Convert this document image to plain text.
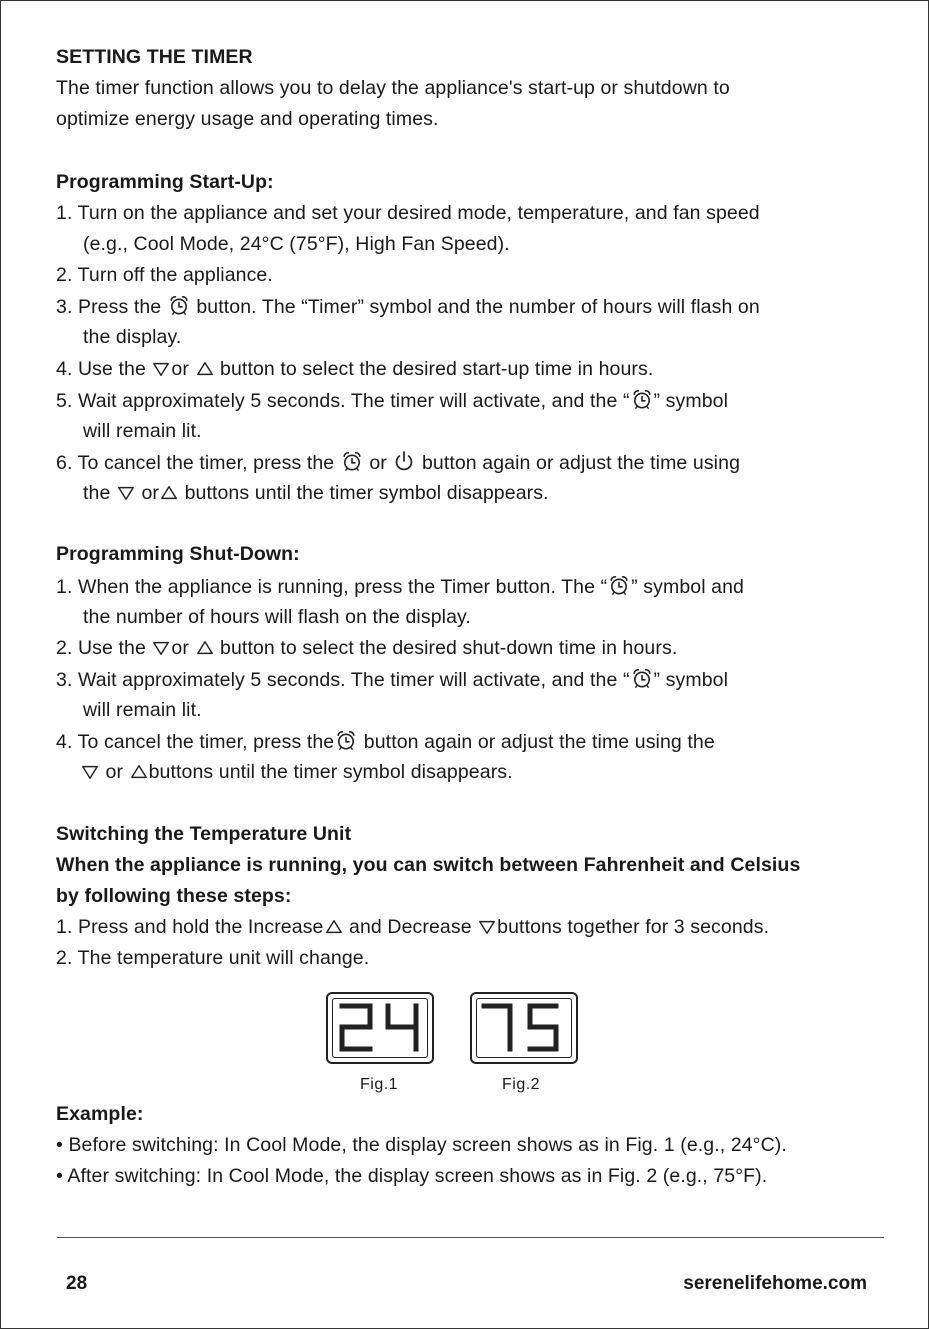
SETTING THE TIMER
The timer function allows you to delay the appliance's start-up or shutdown to
optimize energy usage and operating times.
Programming Start-Up:
1. Turn on the appliance and set your desired mode, temperature, and fan speed
(e.g., Cool Mode, 24°C (75°F), High Fan Speed).
2. Turn off the appliance.
3. Press the button. The “Timer” symbol and the number of hours will flash on
the display.
4. Use the or button to select the desired start-up time in hours.
5. Wait approximately 5 seconds. The timer will activate, and the “ ” symbol
will remain lit.
6. To cancel the timer, press the or button again or adjust the time using
the or buttons until the timer symbol disappears.
Programming Shut-Down:
1. When the appliance is running, press the Timer button. The “ ” symbol and
the number of hours will flash on the display.
2. Use the or button to select the desired shut-down time in hours.
3. Wait approximately 5 seconds. The timer will activate, and the “ ” symbol
will remain lit.
4. To cancel the timer, press the button again or adjust the time using the
or buttons until the timer symbol disappears.
Switching the Temperature Unit
When the appliance is running, you can switch between Fahrenheit and Celsius
by following these steps:
1. Press and hold the Increase and Decrease buttons together for 3 seconds.
2. The temperature unit will change.
24	75
Fig.1	Fig.2
Example:
• Before switching: In Cool Mode, the display screen shows as in Fig. 1 (e.g., 24°C).
• After switching: In Cool Mode, the display screen shows as in Fig. 2 (e.g., 75°F).
28	serenelifehome.com
